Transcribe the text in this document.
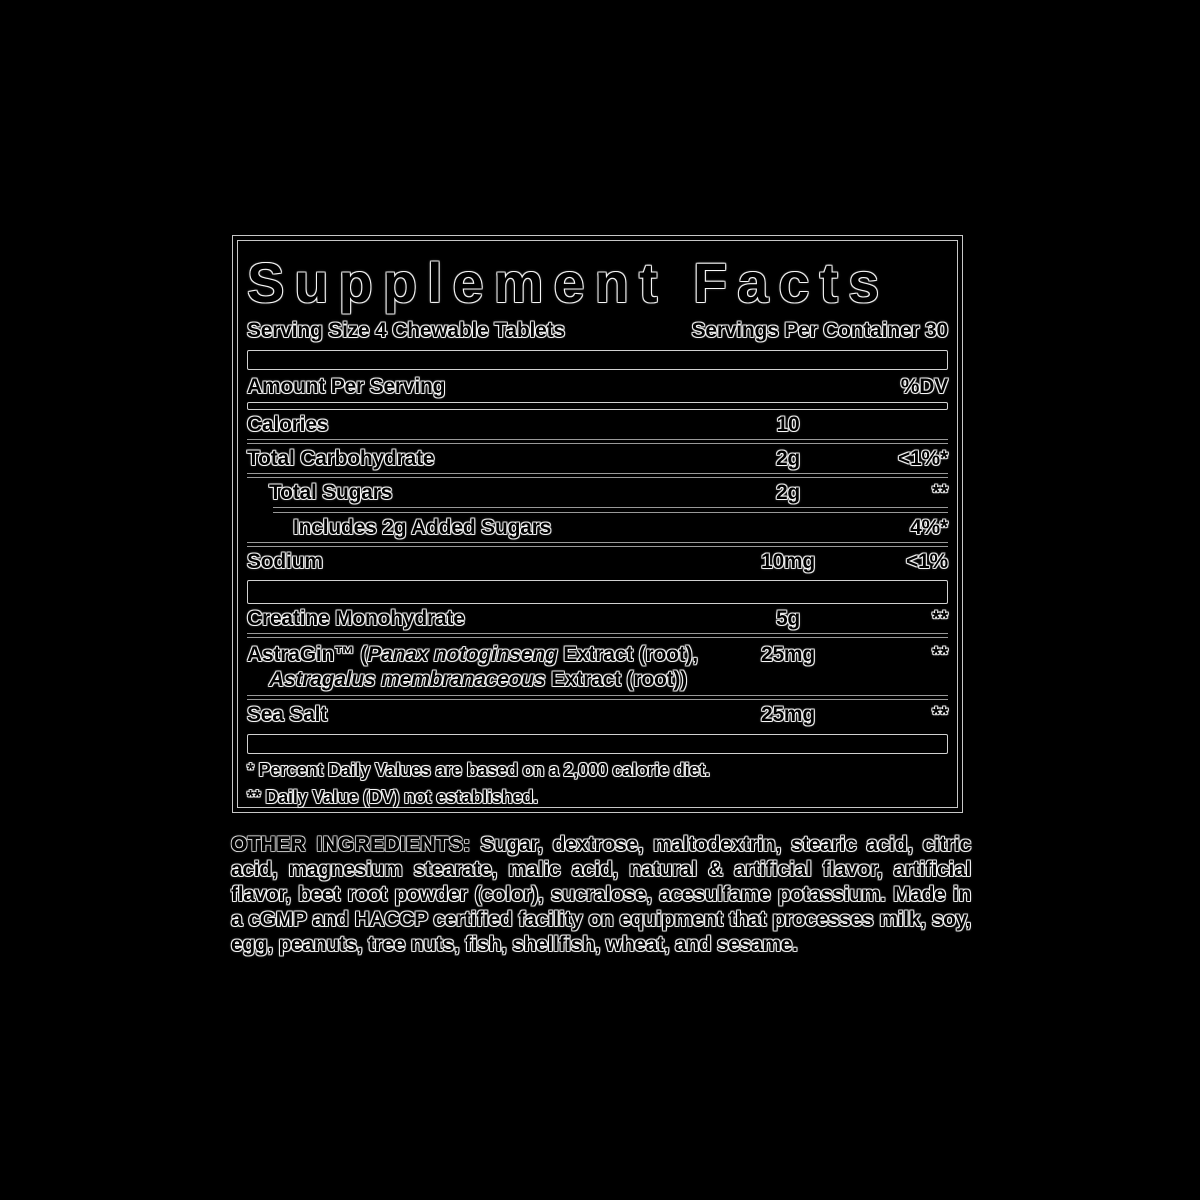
Supplement Facts
Serving Size 4 Chewable Tablets	Servings Per Container 30
Amount Per Serving	%DV
Calories	10
Total Carbohydrate	2g	<1%*
Total Sugars	2g	**
Includes 2g Added Sugars	4%*
Sodium	10mg	<1%
Creatine Monohydrate	5g	**
AstraGin™ (Panax notoginseng Extract (root),
Astragalus membranaceous Extract (root))
25mg	**
Sea Salt	25mg	**
* Percent Daily Values are based on a 2,000 calorie diet.
** Daily Value (DV) not established.
OTHER INGREDIENTS: Sugar, dextrose, maltodextrin, stearic acid, citric acid, magnesium stearate, malic acid, natural & artificial flavor, artificial flavor, beet root powder (color), sucralose, acesulfame potassium. Made in a cGMP and HACCP certified facility on equipment that processes milk, soy, egg, peanuts, tree nuts, fish, shellfish, wheat, and sesame.
